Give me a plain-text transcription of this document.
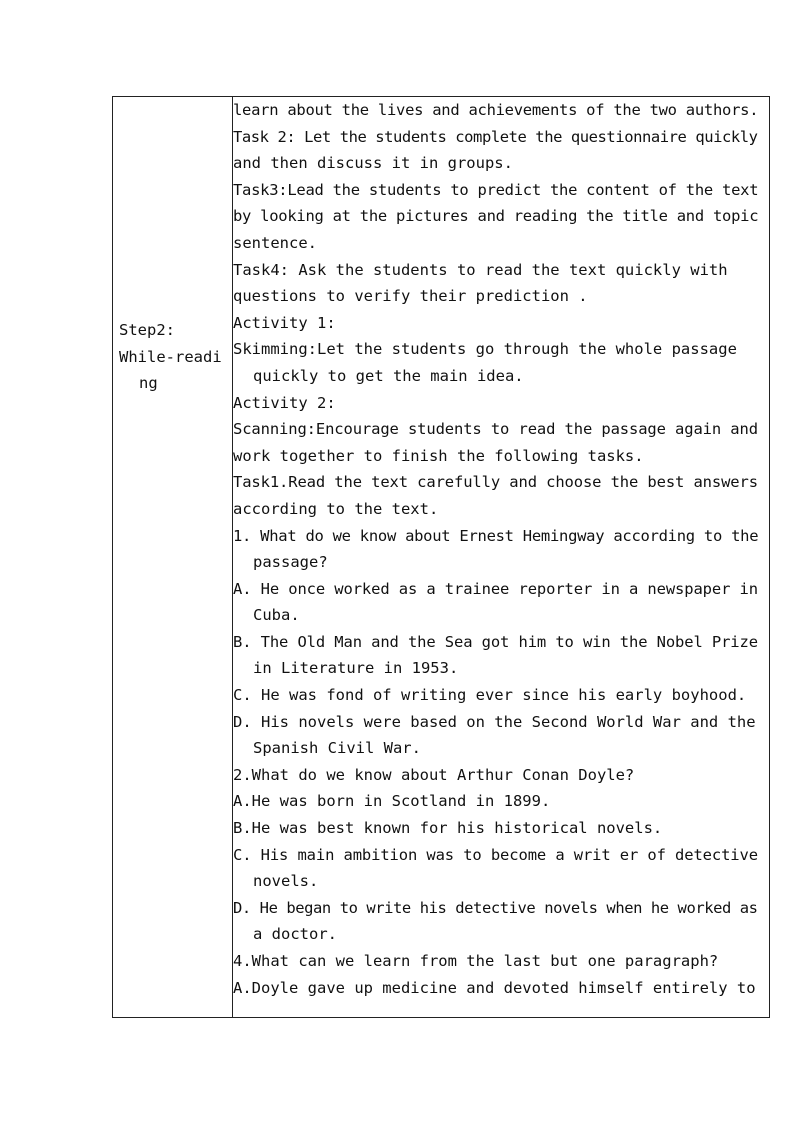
Step2:
While-readi
ng

learn about the lives and achievements of the two authors.
Task 2: Let the students complete the questionnaire quickly
and then discuss it in groups.
Task3:Lead the students to predict the content of the text
by looking at the pictures and reading the title and topic
sentence.
Task4: Ask the students to read the text quickly with
questions to verify their prediction .
Activity 1:
Skimming:Let the students go through the whole passage
quickly to get the main idea.
Activity 2:
Scanning:Encourage students to read the passage again and
work together to finish the following tasks.
Task1.Read the text carefully and choose the best answers
according to the text.
1. What do we know about Ernest Hemingway according to the
passage?
A. He once worked as a trainee reporter in a newspaper in
Cuba.
B. The Old Man and the Sea got him to win the Nobel Prize
in Literature in 1953.
C. He was fond of writing ever since his early boyhood.
D. His novels were based on the Second World War and the
Spanish Civil War.
2.What do we know about Arthur Conan Doyle?
A.He was born in Scotland in 1899.
B.He was best known for his historical novels.
C. His main ambition was to become a writ er of detective
novels.
D. He began to write his detective novels when he worked as
a doctor.
4.What can we learn from the last but one paragraph?
A.Doyle gave up medicine and devoted himself entirely to
